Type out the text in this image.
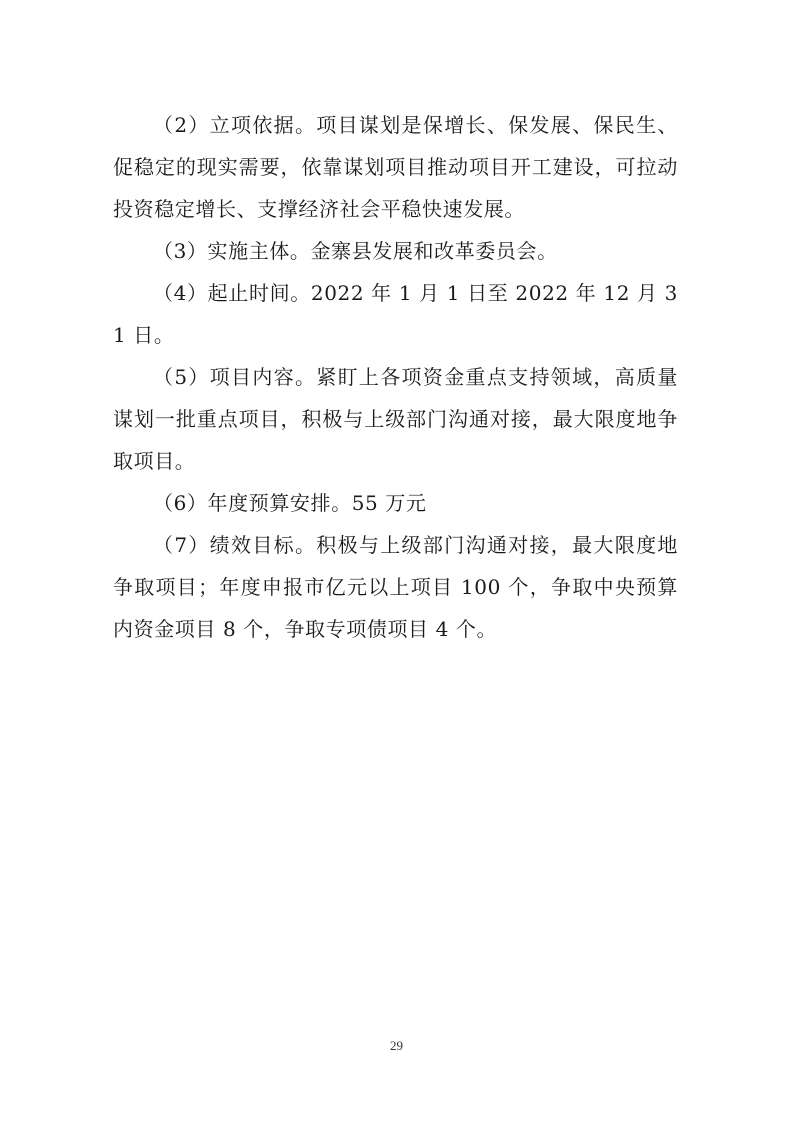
（2）立项依据。项目谋划是保增长、保发展、保民生、促稳定的现实需要，依靠谋划项目推动项目开工建设，可拉动投资稳定增长、支撑经济社会平稳快速发展。

（3）实施主体。金寨县发展和改革委员会。

（4）起止时间。2022 年 1 月 1 日至 2022 年 12 月 31 日。

（5）项目内容。紧盯上各项资金重点支持领域，高质量谋划一批重点项目，积极与上级部门沟通对接，最大限度地争取项目。

（6）年度预算安排。55 万元

（7）绩效目标。积极与上级部门沟通对接，最大限度地争取项目；年度申报市亿元以上项目 100 个，争取中央预算内资金项目 8 个，争取专项债项目 4 个。

29
